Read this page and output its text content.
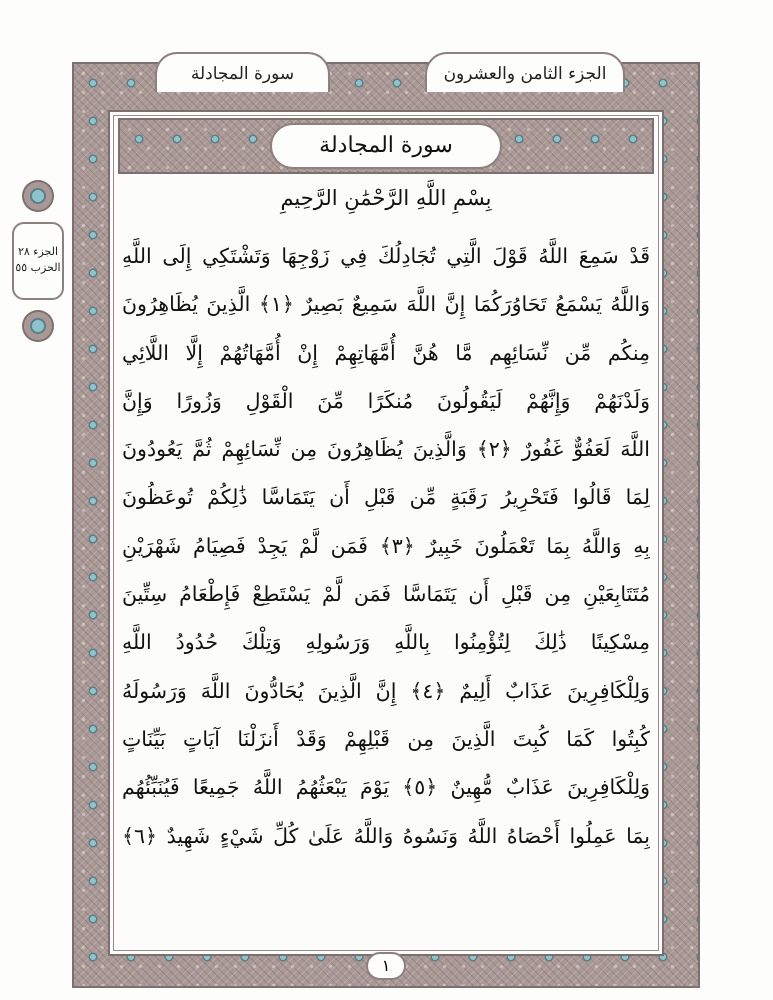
سورة المجادلة	الجزء الثامن والعشرون
سورة المجادلة
بِسْمِ اللَّهِ الرَّحْمَٰنِ الرَّحِيمِ
قَدْ سَمِعَ اللَّهُ قَوْلَ الَّتِي تُجَادِلُكَ فِي زَوْجِهَا وَتَشْتَكِي إِلَى اللَّهِ
وَاللَّهُ يَسْمَعُ تَحَاوُرَكُمَا إِنَّ اللَّهَ سَمِيعٌ بَصِيرٌ ﴿١﴾ الَّذِينَ يُظَاهِرُونَ
مِنكُم مِّن نِّسَائِهِم مَّا هُنَّ أُمَّهَاتِهِمْ إِنْ أُمَّهَاتُهُمْ إِلَّا اللَّائِي
وَلَدْنَهُمْ وَإِنَّهُمْ لَيَقُولُونَ مُنكَرًا مِّنَ الْقَوْلِ وَزُورًا وَإِنَّ
اللَّهَ لَعَفُوٌّ غَفُورٌ ﴿٢﴾ وَالَّذِينَ يُظَاهِرُونَ مِن نِّسَائِهِمْ ثُمَّ يَعُودُونَ
لِمَا قَالُوا فَتَحْرِيرُ رَقَبَةٍ مِّن قَبْلِ أَن يَتَمَاسَّا ذَٰلِكُمْ تُوعَظُونَ
بِهِ وَاللَّهُ بِمَا تَعْمَلُونَ خَبِيرٌ ﴿٣﴾ فَمَن لَّمْ يَجِدْ فَصِيَامُ شَهْرَيْنِ
مُتَتَابِعَيْنِ مِن قَبْلِ أَن يَتَمَاسَّا فَمَن لَّمْ يَسْتَطِعْ فَإِطْعَامُ سِتِّينَ
مِسْكِينًا ذَٰلِكَ لِتُؤْمِنُوا بِاللَّهِ وَرَسُولِهِ وَتِلْكَ حُدُودُ اللَّهِ
وَلِلْكَافِرِينَ عَذَابٌ أَلِيمٌ ﴿٤﴾ إِنَّ الَّذِينَ يُحَادُّونَ اللَّهَ وَرَسُولَهُ
كُبِتُوا كَمَا كُبِتَ الَّذِينَ مِن قَبْلِهِمْ وَقَدْ أَنزَلْنَا آيَاتٍ بَيِّنَاتٍ
وَلِلْكَافِرِينَ عَذَابٌ مُّهِينٌ ﴿٥﴾ يَوْمَ يَبْعَثُهُمُ اللَّهُ جَمِيعًا فَيُنَبِّئُهُم
بِمَا عَمِلُوا أَحْصَاهُ اللَّهُ وَنَسُوهُ وَاللَّهُ عَلَىٰ كُلِّ شَيْءٍ شَهِيدٌ ﴿٦﴾
١
الجزء ٢٨
الحزب ٥٥
